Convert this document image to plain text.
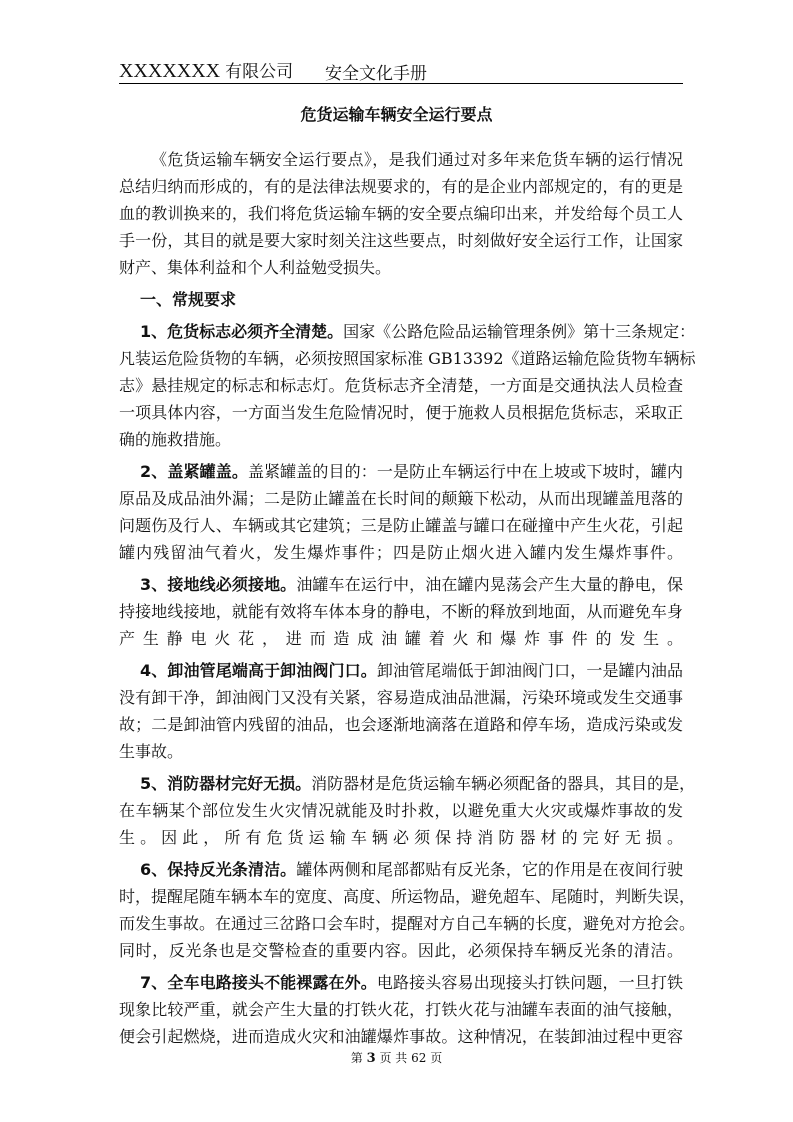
XXXXXXX 有限公司 安全文化手册
危货运输车辆安全运行要点
《危货运输车辆安全运行要点》，是我们通过对多年来危货车辆的运行情况
总结归纳而形成的，有的是法律法规要求的，有的是企业内部规定的，有的更是
血的教训换来的，我们将危货运输车辆的安全要点编印出来，并发给每个员工人
手一份，其目的就是要大家时刻关注这些要点，时刻做好安全运行工作，让国家
财产、集体利益和个人利益勉受损失。
一、常规要求
1、危货标志必须齐全清楚。国家《公路危险品运输管理条例》第十三条规定：
凡装运危险货物的车辆，必须按照国家标准 GB13392《道路运输危险货物车辆标
志》悬挂规定的标志和标志灯。危货标志齐全清楚，一方面是交通执法人员检查
一项具体内容，一方面当发生危险情况时，便于施救人员根据危货标志，采取正
确的施救措施。
2、盖紧罐盖。盖紧罐盖的目的：一是防止车辆运行中在上坡或下坡时，罐内
原品及成品油外漏；二是防止罐盖在长时间的颠簸下松动，从而出现罐盖甩落的
问题伤及行人、车辆或其它建筑；三是防止罐盖与罐口在碰撞中产生火花，引起
罐内残留油气着火，发生爆炸事件；四是防止烟火进入罐内发生爆炸事件。
3、接地线必须接地。油罐车在运行中，油在罐内晃荡会产生大量的静电，保
持接地线接地，就能有效将车体本身的静电，不断的释放到地面，从而避免车身
产生静电火花，进而造成油罐着火和爆炸事件的发生。
4、卸油管尾端高于卸油阀门口。卸油管尾端低于卸油阀门口，一是罐内油品
没有卸干净，卸油阀门又没有关紧，容易造成油品泄漏，污染环境或发生交通事
故；二是卸油管内残留的油品，也会逐渐地滴落在道路和停车场，造成污染或发
生事故。
5、消防器材完好无损。消防器材是危货运输车辆必须配备的器具，其目的是，
在车辆某个部位发生火灾情况就能及时扑救，以避免重大火灾或爆炸事故的发
生。因此，所有危货运输车辆必须保持消防器材的完好无损。
6、保持反光条清洁。罐体两侧和尾部都贴有反光条，它的作用是在夜间行驶
时，提醒尾随车辆本车的宽度、高度、所运物品，避免超车、尾随时，判断失误，
而发生事故。在通过三岔路口会车时，提醒对方自己车辆的长度，避免对方抢会。
同时，反光条也是交警检查的重要内容。因此，必须保持车辆反光条的清洁。
7、全车电路接头不能裸露在外。电路接头容易出现接头打铁问题，一旦打铁
现象比较严重，就会产生大量的打铁火花，打铁火花与油罐车表面的油气接触，
便会引起燃烧，进而造成火灾和油罐爆炸事故。这种情况，在装卸油过程中更容
第 3 页 共 62 页
